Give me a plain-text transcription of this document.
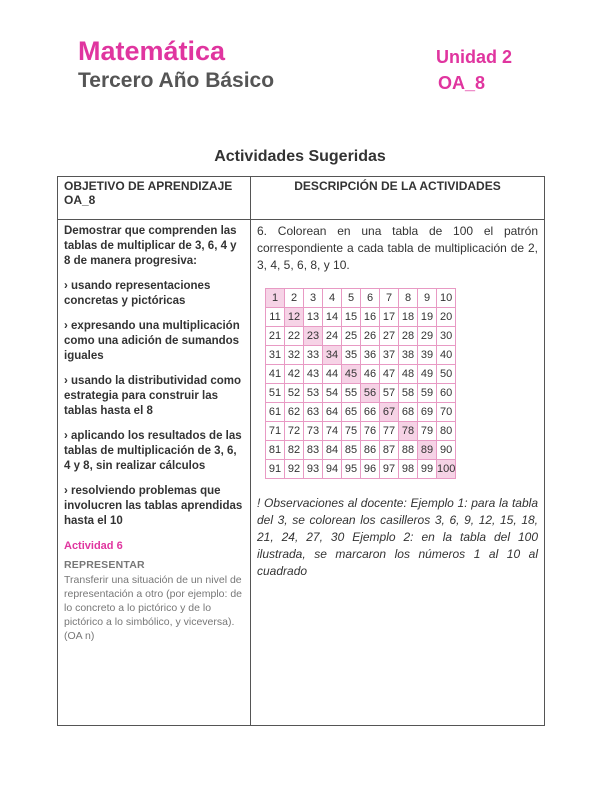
Matemática
Tercero Año Básico
Unidad 2
OA_8
Actividades Sugeridas
OBJETIVO DE APRENDIZAJE OA_8	DESCRIPCIÓN DE LA ACTIVIDADES

Demostrar que comprenden las tablas de multiplicar de 3, 6, 4 y 8 de manera progresiva:

› usando representaciones concretas y pictóricas

› expresando una multiplicación como una adición de sumandos iguales

› usando la distributividad como estrategia para construir las tablas hasta el 8

› aplicando los resultados de las tablas de multiplicación de 3, 6, 4 y 8, sin realizar cálculos

› resolviendo problemas que involucren las tablas aprendidas hasta el 10

Actividad 6
REPRESENTAR
Transferir una situación de un nivel de representación a otro (por ejemplo: de lo concreto a lo pictórico y de lo pictórico a lo simbólico, y viceversa). (OA n)

6. Colorean en una tabla de 100 el patrón correspondiente a cada tabla de multiplicación de 2, 3, 4, 5, 6, 8, y 10.

1	2	3	4	5	6	7	8	9	10
11	12	13	14	15	16	17	18	19	20
21	22	23	24	25	26	27	28	29	30
31	32	33	34	35	36	37	38	39	40
41	42	43	44	45	46	47	48	49	50
51	52	53	54	55	56	57	58	59	60
61	62	63	64	65	66	67	68	69	70
71	72	73	74	75	76	77	78	79	80
81	82	83	84	85	86	87	88	89	90
91	92	93	94	95	96	97	98	99	100

! Observaciones al docente: Ejemplo 1: para la tabla del 3, se colorean los casilleros 3, 6, 9, 12, 15, 18, 21, 24, 27, 30 Ejemplo 2: en la tabla del 100 ilustrada, se marcaron los números 1 al 10 al cuadrado
